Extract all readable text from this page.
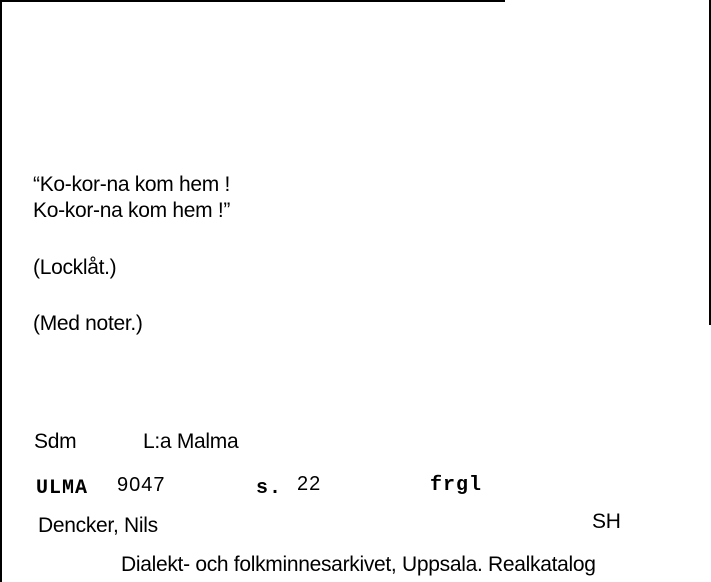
“Ko-kor-na kom hem !
Ko-kor-na kom hem !”
(Locklåt.)
(Med noter.)
Sdm	L:a Malma
ULMA 9047	s. 22	frgl
Dencker, Nils	SH
Dialekt- och folkminnesarkivet, Uppsala. Realkatalog
